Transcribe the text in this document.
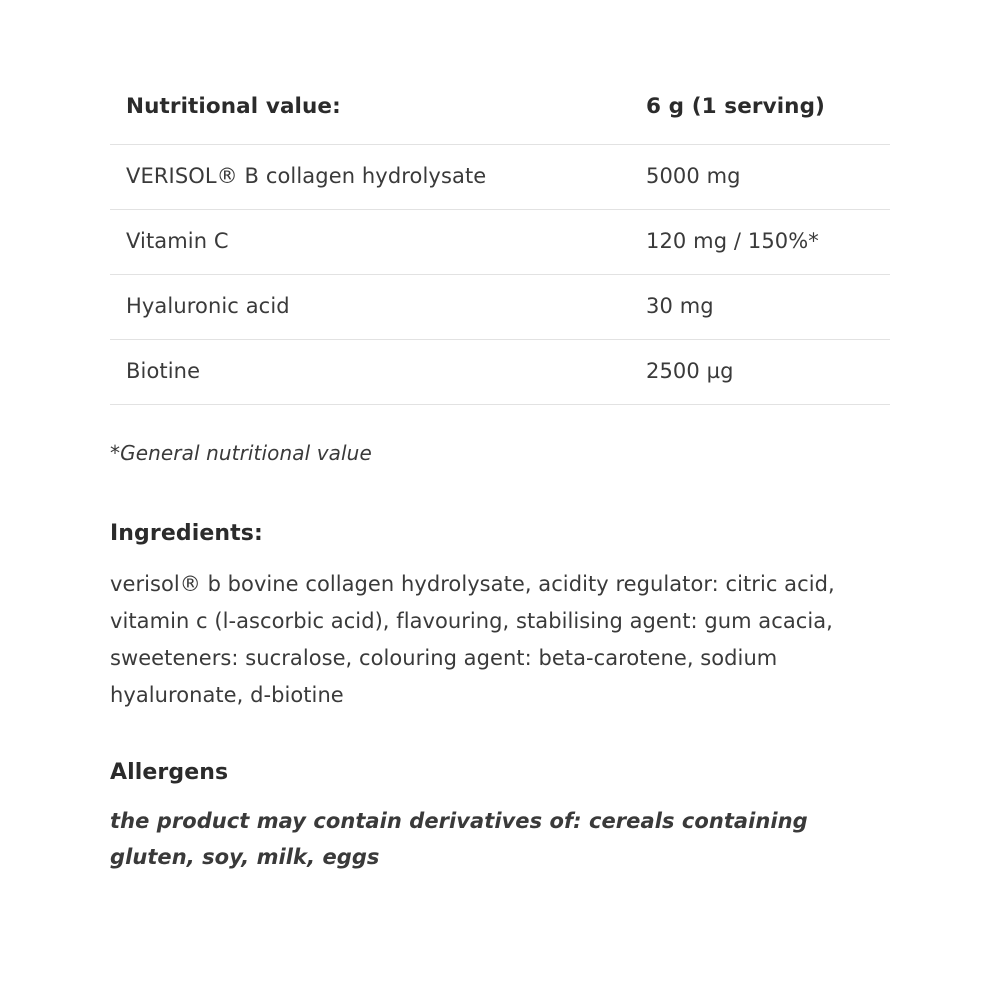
Nutritional value:	6 g (1 serving)
VERISOL® B collagen hydrolysate	5000 mg
Vitamin C	120 mg / 150%*
Hyaluronic acid	30 mg
Biotine	2500 µg

*General nutritional value

Ingredients:

verisol® b bovine collagen hydrolysate, acidity regulator: citric acid, vitamin c (l-ascorbic acid), flavouring, stabilising agent: gum acacia, sweeteners: sucralose, colouring agent: beta-carotene, sodium hyaluronate, d-biotine

Allergens

the product may contain derivatives of: cereals containing gluten, soy, milk, eggs
